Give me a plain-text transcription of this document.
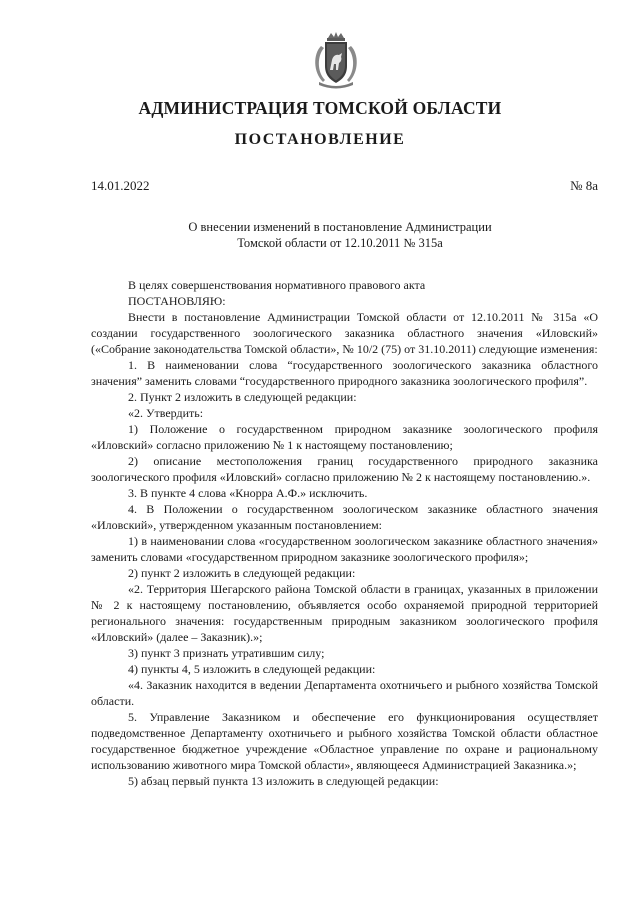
АДМИНИСТРАЦИЯ ТОМСКОЙ ОБЛАСТИ
ПОСТАНОВЛЕНИЕ
14.01.2022	№ 8а
О внесении изменений в постановление Администрации
Томской области от 12.10.2011 № 315а

В целях совершенствования нормативного правового акта

ПОСТАНОВЛЯЮ:

Внести в постановление Администрации Томской области от 12.10.2011 № 315а «О создании государственного зоологического заказника областного значения «Иловский» («Собрание законодательства Томской области», № 10/2 (75) от 31.10.2011) следующие изменения:

1. В наименовании слова “государственного зоологического заказника областного значения” заменить словами “государственного природного заказника зоологического профиля”.

2. Пункт 2 изложить в следующей редакции:

«2. Утвердить:

1) Положение о государственном природном заказнике зоологического профиля «Иловский» согласно приложению № 1 к настоящему постановлению;

2) описание местоположения границ государственного природного заказника зоологического профиля «Иловский» согласно приложению № 2 к настоящему постановлению.».

3. В пункте 4 слова «Кнорра А.Ф.» исключить.

4. В Положении о государственном зоологическом заказнике областного значения «Иловский», утвержденном указанным постановлением:

1) в наименовании слова «государственном зоологическом заказнике областного значения» заменить словами «государственном природном заказнике зоологического профиля»;

2) пункт 2 изложить в следующей редакции:

«2. Территория Шегарского района Томской области в границах, указанных в приложении № 2 к настоящему постановлению, объявляется особо охраняемой природной территорией регионального значения: государственным природным заказником зоологического профиля «Иловский» (далее – Заказник).»;

3) пункт 3 признать утратившим силу;

4) пункты 4, 5 изложить в следующей редакции:

«4. Заказник находится в ведении Департамента охотничьего и рыбного хозяйства Томской области.

5. Управление Заказником и обеспечение его функционирования осуществляет подведомственное Департаменту охотничьего и рыбного хозяйства Томской области областное государственное бюджетное учреждение «Областное управление по охране и рациональному использованию животного мира Томской области», являющееся Администрацией Заказника.»;

5) абзац первый пункта 13 изложить в следующей редакции:
